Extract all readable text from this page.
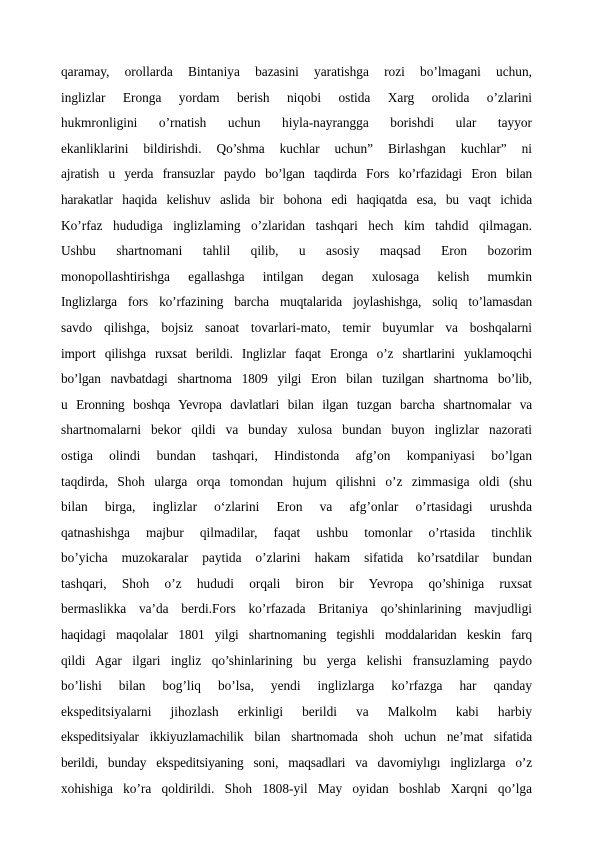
qaramay, orollarda Bintaniya bazasini yaratishga rozi bo’lmagani uchun,
inglizlar Eronga yordam berish niqobi ostida Xarg orolida o’zlarini
hukmronligini o’rnatish uchun hiyla-nayrangga borishdi ular tayyor
ekanliklarini bildirishdi. Qo’shma kuchlar uchun” Birlashgan kuchlar” ni
ajratish u yerda fransuzlar paydo bo’lgan taqdirda Fors ko’rfazidagi Eron bilan
harakatlar haqida kelishuv aslida bir bohona edi haqiqatda esa, bu vaqt ichida
Ko’rfaz hududiga inglizlaming o’zlaridan tashqari hech kim tahdid qilmagan.
Ushbu shartnomani tahlil qilib, u asosiy maqsad Eron bozorim
monopollashtirishga egallashga intilgan degan xulosaga kelish mumkin
Inglizlarga fors ko’rfazining barcha muqtalarida joylashishga, soliq to’lamasdan
savdo qilishga, bojsiz sanoat tovarlari-mato, temir buyumlar va boshqalarni
import qilishga ruxsat berildi. Inglizlar faqat Eronga o’z shartlarini yuklamoqchi
bo’lgan navbatdagi shartnoma 1809 yilgi Eron bilan tuzilgan shartnoma bo’lib,
u Eronning boshqa Yevropa davlatlari bilan ilgan tuzgan barcha shartnomalar va
shartnomalarni bekor qildi va bunday xulosa bundan buyon inglizlar nazorati
ostiga olindi bundan tashqari, Hindistonda afg’on kompaniyasi bo’lgan
taqdirda, Shoh ularga orqa tomondan hujum qilishni o’z zimmasiga oldi (shu
bilan birga, inglizlar o‘zlarini Eron va afg’onlar o’rtasidagi urushda
qatnashishga majbur qilmadilar, faqat ushbu tomonlar o’rtasida tinchlik
bo’yicha muzokaralar paytida o’zlarini hakam sifatida ko’rsatdilar bundan
tashqari, Shoh o’z hududi orqali biron bir Yevropa qo’shiniga ruxsat
bermaslikka va’da berdi.Fors ko’rfazada Britaniya qo’shinlarining mavjudligi
haqidagi maqolalar 1801 yilgi shartnomaning tegishli moddalaridan keskin farq
qildi Agar ilgari ingliz qo’shinlarining bu yerga kelishi fransuzlaming paydo
bo’lishi bilan bog’liq bo’lsa, yendi inglizlarga ko’rfazga har qanday
ekspeditsiyalarni jihozlash erkinligi berildi va Malkolm kabi harbiy
ekspeditsiyalar ikkiyuzlamachilik bilan shartnomada shoh uchun ne’mat sifatida
berildi, bunday ekspeditsiyaning soni, maqsadlari va davomiylıgı inglizlarga o’z
xohishiga ko’ra qoldirildi. Shoh 1808-yil May oyidan boshlab Xarqni qo’lga
